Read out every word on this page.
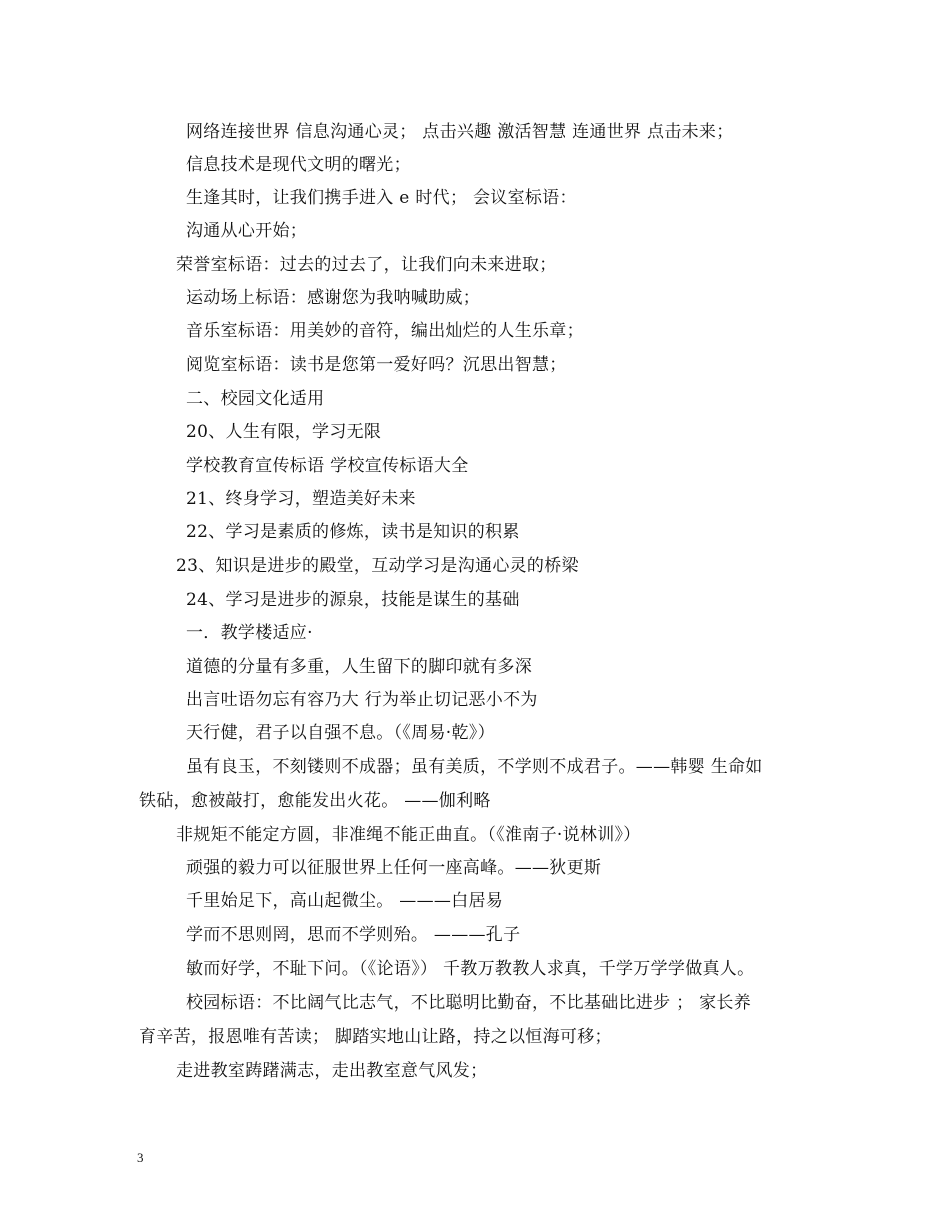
网络连接世界 信息沟通心灵； 点击兴趣 激活智慧 连通世界 点击未来；
信息技术是现代文明的曙光；
生逢其时，让我们携手进入 e 时代； 会议室标语：
沟通从心开始；
荣誉室标语：过去的过去了，让我们向未来进取；
运动场上标语：感谢您为我呐喊助威；
音乐室标语：用美妙的音符，编出灿烂的人生乐章；
阅览室标语：读书是您第一爱好吗？沉思出智慧；
二、校园文化适用
20、人生有限，学习无限
学校教育宣传标语 学校宣传标语大全
21、终身学习，塑造美好未来
22、学习是素质的修炼，读书是知识的积累
23、知识是进步的殿堂，互动学习是沟通心灵的桥梁
24、学习是进步的源泉，技能是谋生的基础
一．教学楼适应·
道德的分量有多重，人生留下的脚印就有多深
出言吐语勿忘有容乃大 行为举止切记恶小不为
天行健，君子以自强不息。（《周易·乾》）
虽有良玉，不刻镂则不成器；虽有美质，不学则不成君子。——韩婴 生命如
铁砧，愈被敲打，愈能发出火花。 ——伽利略
非规矩不能定方圆，非准绳不能正曲直。（《淮南子·说林训》）
顽强的毅力可以征服世界上任何一座高峰。——狄更斯
千里始足下，高山起微尘。 ———白居易
学而不思则罔，思而不学则殆。 ———孔子
敏而好学，不耻下问。（《论语》） 千教万教教人求真，千学万学学做真人。
校园标语：不比阔气比志气，不比聪明比勤奋，不比基础比进步 ； 家长养
育辛苦，报恩唯有苦读； 脚踏实地山让路，持之以恒海可移；
走进教室踌躇满志，走出教室意气风发；
3
